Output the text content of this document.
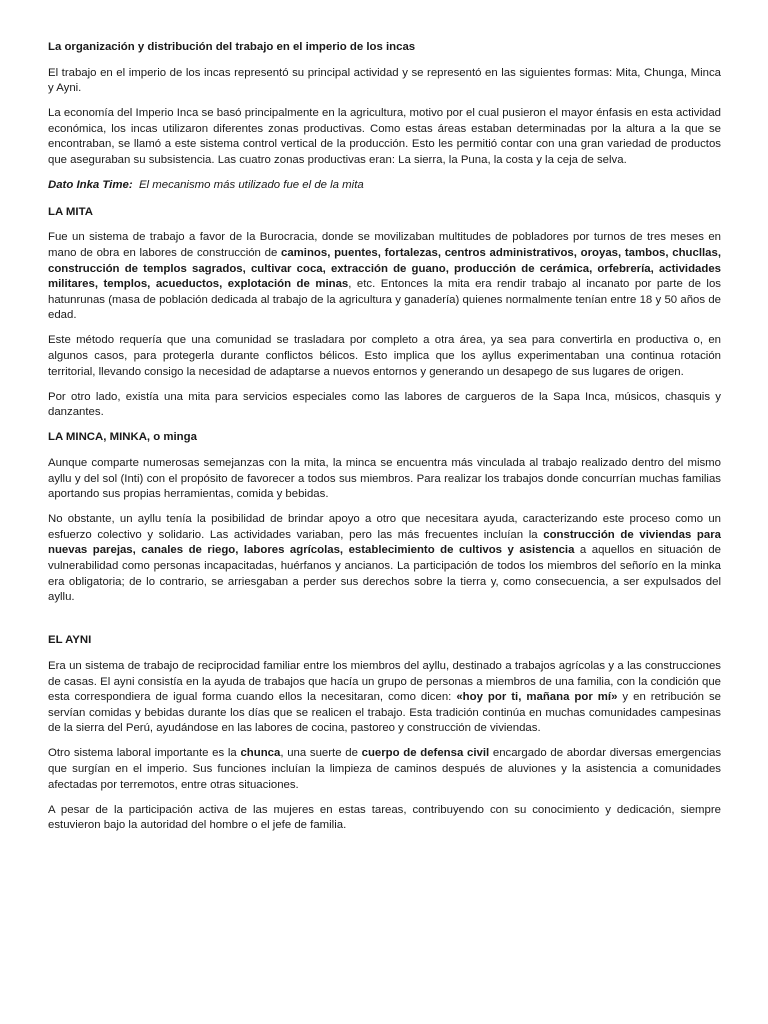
La organización y distribución del trabajo en el imperio de los incas

El trabajo en el imperio de los incas representó su principal actividad y se representó en las siguientes formas: Mita, Chunga, Minca y Ayni.

La economía del Imperio Inca se basó principalmente en la agricultura, motivo por el cual pusieron el mayor énfasis en esta actividad económica, los incas utilizaron diferentes zonas productivas. Como estas áreas estaban determinadas por la altura a la que se encontraban, se llamó a este sistema control vertical de la producción. Esto les permitió contar con una gran variedad de productos que aseguraban su subsistencia. Las cuatro zonas productivas eran: La sierra, la Puna, la costa y la ceja de selva.

Dato Inka Time: El mecanismo más utilizado fue el de la mita

LA MITA

Fue un sistema de trabajo a favor de la Burocracia, donde se movilizaban multitudes de pobladores por turnos de tres meses en mano de obra en labores de construcción de caminos, puentes, fortalezas, centros administrativos, oroyas, tambos, chucllas, construcción de templos sagrados, cultivar coca, extracción de guano, producción de cerámica, orfebrería, actividades militares, templos, acueductos, explotación de minas, etc. Entonces la mita era rendir trabajo al incanato por parte de los hatunrunas (masa de población dedicada al trabajo de la agricultura y ganadería) quienes normalmente tenían entre 18 y 50 años de edad.

Este método requería que una comunidad se trasladara por completo a otra área, ya sea para convertirla en productiva o, en algunos casos, para protegerla durante conflictos bélicos. Esto implica que los ayllus experimentaban una continua rotación territorial, llevando consigo la necesidad de adaptarse a nuevos entornos y generando un desapego de sus lugares de origen.

Por otro lado, existía una mita para servicios especiales como las labores de cargueros de la Sapa Inca, músicos, chasquis y danzantes.

LA MINCA, MINKA, o minga

Aunque comparte numerosas semejanzas con la mita, la minca se encuentra más vinculada al trabajo realizado dentro del mismo ayllu y del sol (Inti) con el propósito de favorecer a todos sus miembros. Para realizar los trabajos donde concurrían muchas familias aportando sus propias herramientas, comida y bebidas.

No obstante, un ayllu tenía la posibilidad de brindar apoyo a otro que necesitara ayuda, caracterizando este proceso como un esfuerzo colectivo y solidario. Las actividades variaban, pero las más frecuentes incluían la construcción de viviendas para nuevas parejas, canales de riego, labores agrícolas, establecimiento de cultivos y asistencia a aquellos en situación de vulnerabilidad como personas incapacitadas, huérfanos y ancianos. La participación de todos los miembros del señorío en la minka era obligatoria; de lo contrario, se arriesgaban a perder sus derechos sobre la tierra y, como consecuencia, a ser expulsados del ayllu.

EL AYNI

Era un sistema de trabajo de reciprocidad familiar entre los miembros del ayllu, destinado a trabajos agrícolas y a las construcciones de casas. El ayni consistía en la ayuda de trabajos que hacía un grupo de personas a miembros de una familia, con la condición que esta correspondiera de igual forma cuando ellos la necesitaran, como dicen: «hoy por ti, mañana por mí» y en retribución se servían comidas y bebidas durante los días que se realicen el trabajo. Esta tradición continúa en muchas comunidades campesinas de la sierra del Perú, ayudándose en las labores de cocina, pastoreo y construcción de viviendas.

Otro sistema laboral importante es la chunca, una suerte de cuerpo de defensa civil encargado de abordar diversas emergencias que surgían en el imperio. Sus funciones incluían la limpieza de caminos después de aluviones y la asistencia a comunidades afectadas por terremotos, entre otras situaciones.

A pesar de la participación activa de las mujeres en estas tareas, contribuyendo con su conocimiento y dedicación, siempre estuvieron bajo la autoridad del hombre o el jefe de familia.
